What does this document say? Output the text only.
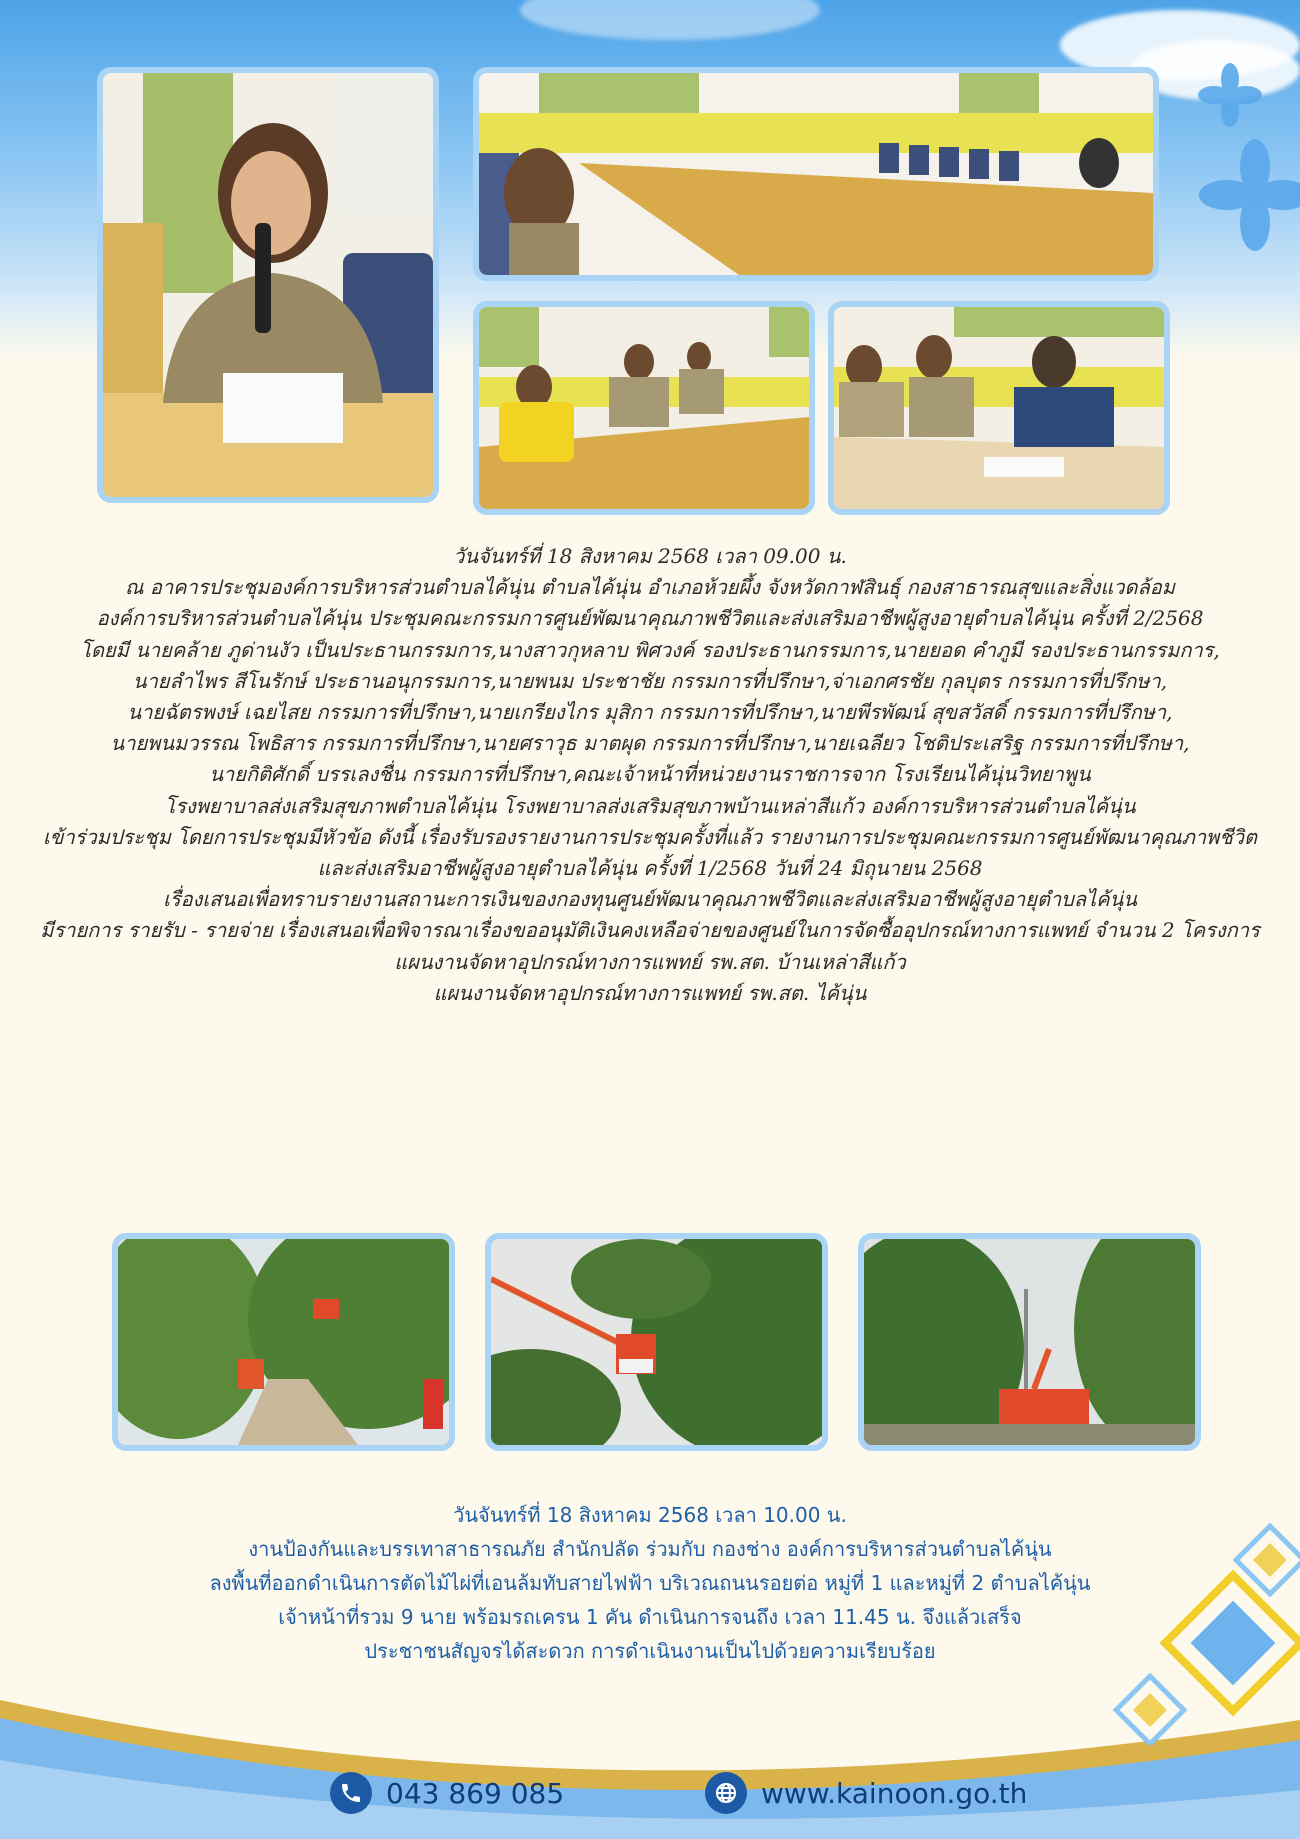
วันจันทร์ที่ 18 สิงหาคม 2568 เวลา 09.00 น.
ณ อาคารประชุมองค์การบริหารส่วนตำบลไค้นุ่น ตำบลไค้นุ่น อำเภอห้วยผึ้ง จังหวัดกาฬสินธุ์ กองสาธารณสุขและสิ่งแวดล้อม
องค์การบริหารส่วนตำบลไค้นุ่น ประชุมคณะกรรมการศูนย์พัฒนาคุณภาพชีวิตและส่งเสริมอาชีพผู้สูงอายุตำบลไค้นุ่น ครั้งที่ 2/2568
โดยมี นายคล้าย ภูด่านงัว เป็นประธานกรรมการ,นางสาวกุหลาบ พิศวงค์ รองประธานกรรมการ,นายยอด คำภูมี รองประธานกรรมการ,
นายลำไพร สีโนรักษ์ ประธานอนุกรรมการ,นายพนม ประชาชัย กรรมการที่ปรึกษา,จ่าเอกศรชัย กุลบุตร กรรมการที่ปรึกษา,
นายฉัตรพงษ์ เฉยไสย กรรมการที่ปรึกษา,นายเกรียงไกร มุสิกา กรรมการที่ปรึกษา,นายพีรพัฒน์ สุขสวัสดิ์ กรรมการที่ปรึกษา,
นายพนมวรรณ โพธิสาร กรรมการที่ปรึกษา,นายศราวุธ มาตผุด กรรมการที่ปรึกษา,นายเฉลียว โชติประเสริฐ กรรมการที่ปรึกษา,
นายกิติศักดิ์ บรรเลงชื่น กรรมการที่ปรึกษา,คณะเจ้าหน้าที่หน่วยงานราชการจาก โรงเรียนไค้นุ่นวิทยาพูน
โรงพยาบาลส่งเสริมสุขภาพตำบลไค้นุ่น โรงพยาบาลส่งเสริมสุขภาพบ้านเหล่าสีแก้ว องค์การบริหารส่วนตำบลไค้นุ่น
เข้าร่วมประชุม โดยการประชุมมีหัวข้อ ดังนี้ เรื่องรับรองรายงานการประชุมครั้งที่แล้ว รายงานการประชุมคณะกรรมการศูนย์พัฒนาคุณภาพชีวิต
และส่งเสริมอาชีพผู้สูงอายุตำบลไค้นุ่น ครั้งที่ 1/2568 วันที่ 24 มิถุนายน 2568
เรื่องเสนอเพื่อทราบรายงานสถานะการเงินของกองทุนศูนย์พัฒนาคุณภาพชีวิตและส่งเสริมอาชีพผู้สูงอายุตำบลไค้นุ่น
มีรายการ รายรับ - รายจ่าย เรื่องเสนอเพื่อพิจารณาเรื่องขออนุมัติเงินคงเหลือจ่ายของศูนย์ในการจัดซื้ออุปกรณ์ทางการแพทย์ จำนวน 2 โครงการ
แผนงานจัดหาอุปกรณ์ทางการแพทย์ รพ.สต. บ้านเหล่าสีแก้ว
แผนงานจัดหาอุปกรณ์ทางการแพทย์ รพ.สต. ไค้นุ่น
วันจันทร์ที่ 18 สิงหาคม 2568 เวลา 10.00 น.
งานป้องกันและบรรเทาสาธารณภัย สำนักปลัด ร่วมกับ กองช่าง องค์การบริหารส่วนตำบลไค้นุ่น
ลงพื้นที่ออกดำเนินการตัดไม้ไผ่ที่เอนล้มทับสายไฟฟ้า บริเวณถนนรอยต่อ หมู่ที่ 1 และหมู่ที่ 2 ตำบลไค้นุ่น
เจ้าหน้าที่รวม 9 นาย พร้อมรถเครน 1 คัน ดำเนินการจนถึง เวลา 11.45 น. จึงแล้วเสร็จ
ประชาชนสัญจรได้สะดวก การดำเนินงานเป็นไปด้วยความเรียบร้อย
043 869 085	www.kainoon.go.th
